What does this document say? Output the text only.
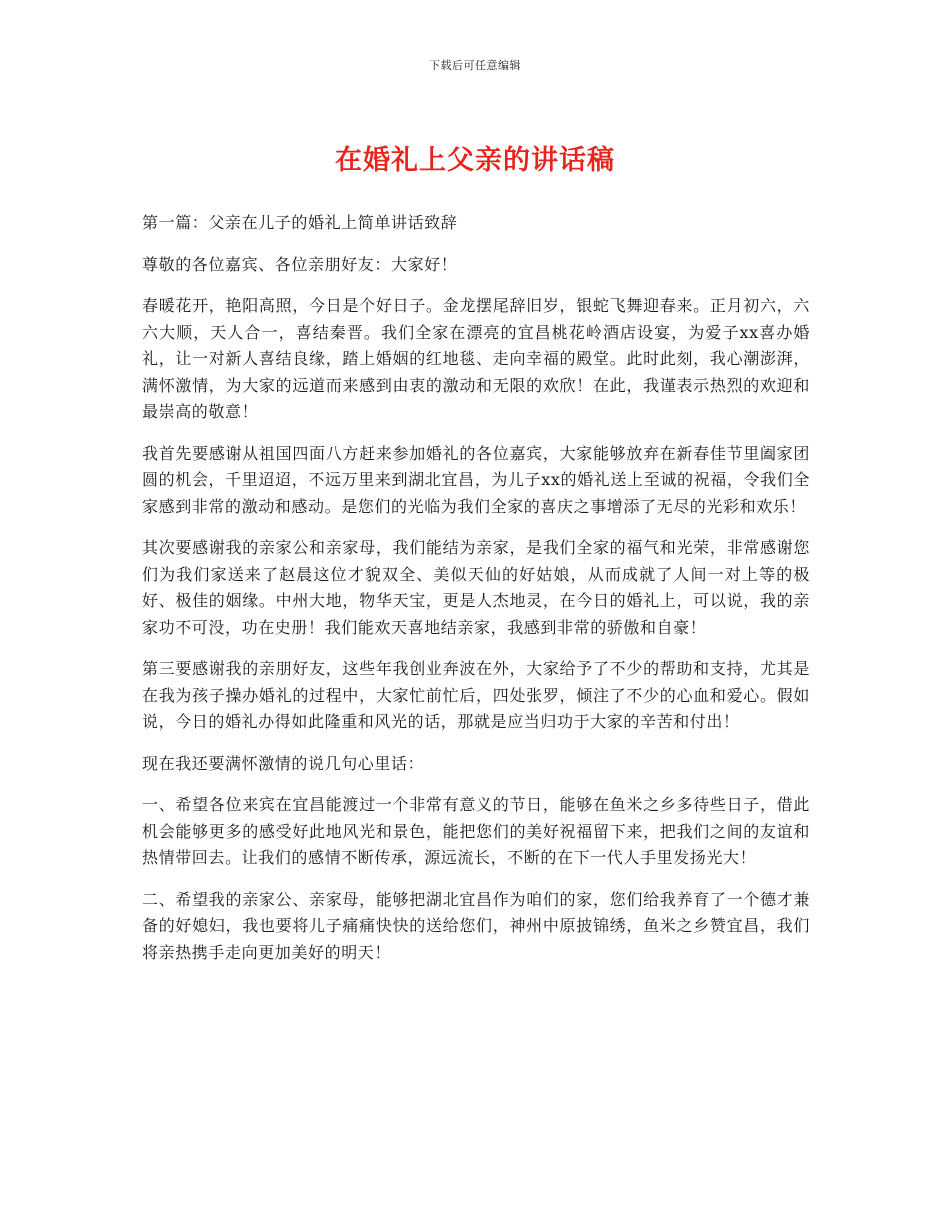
下载后可任意编辑
在婚礼上父亲的讲话稿

第一篇：父亲在儿子的婚礼上简单讲话致辞

尊敬的各位嘉宾、各位亲朋好友：大家好！

春暖花开，艳阳高照，今日是个好日子。金龙摆尾辞旧岁，银蛇飞舞迎春来。正月初六，六六大顺，天人合一，喜结秦晋。我们全家在漂亮的宜昌桃花岭酒店设宴，为爱子xx喜办婚礼，让一对新人喜结良缘，踏上婚姻的红地毯、走向幸福的殿堂。此时此刻，我心潮澎湃，满怀激情，为大家的远道而来感到由衷的激动和无限的欢欣！在此，我谨表示热烈的欢迎和最崇高的敬意！

我首先要感谢从祖国四面八方赶来参加婚礼的各位嘉宾，大家能够放弃在新春佳节里阖家团圆的机会，千里迢迢，不远万里来到湖北宜昌，为儿子xx的婚礼送上至诚的祝福，令我们全家感到非常的激动和感动。是您们的光临为我们全家的喜庆之事增添了无尽的光彩和欢乐！

其次要感谢我的亲家公和亲家母，我们能结为亲家，是我们全家的福气和光荣，非常感谢您们为我们家送来了赵晨这位才貌双全、美似天仙的好姑娘，从而成就了人间一对上等的极好、极佳的姻缘。中州大地，物华天宝，更是人杰地灵，在今日的婚礼上，可以说，我的亲家功不可没，功在史册！我们能欢天喜地结亲家，我感到非常的骄傲和自豪！

第三要感谢我的亲朋好友，这些年我创业奔波在外，大家给予了不少的帮助和支持，尤其是在我为孩子操办婚礼的过程中，大家忙前忙后，四处张罗，倾注了不少的心血和爱心。假如说，今日的婚礼办得如此隆重和风光的话，那就是应当归功于大家的辛苦和付出！

现在我还要满怀激情的说几句心里话：

一、希望各位来宾在宜昌能渡过一个非常有意义的节日，能够在鱼米之乡多待些日子，借此机会能够更多的感受好此地风光和景色，能把您们的美好祝福留下来，把我们之间的友谊和热情带回去。让我们的感情不断传承，源远流长，不断的在下一代人手里发扬光大！

二、希望我的亲家公、亲家母，能够把湖北宜昌作为咱们的家，您们给我养育了一个德才兼备的好媳妇，我也要将儿子痛痛快快的送给您们，神州中原披锦绣，鱼米之乡赞宜昌，我们将亲热携手走向更加美好的明天！
